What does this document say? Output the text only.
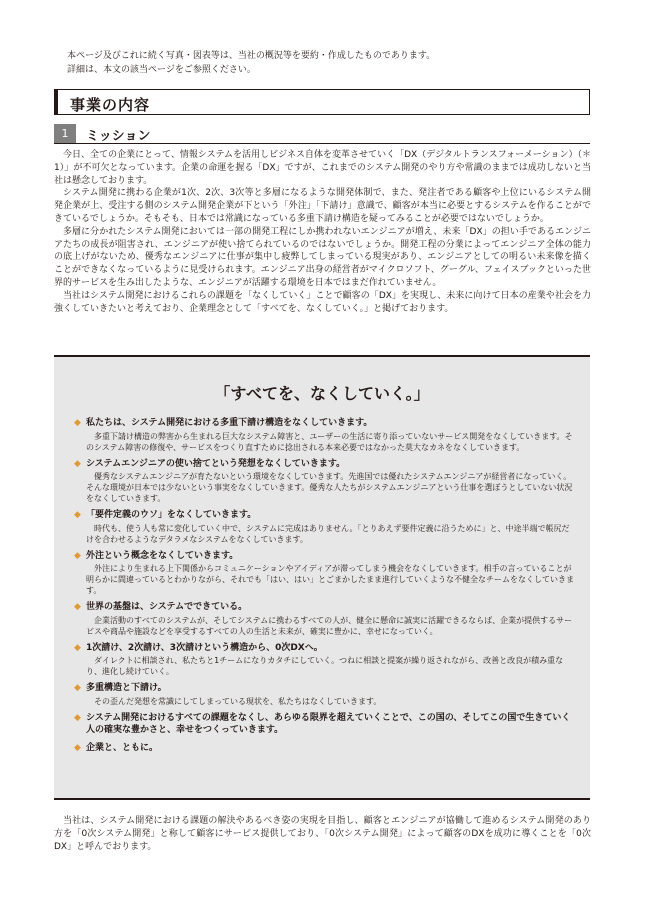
本ページ及びこれに続く写真・図表等は、当社の概況等を要約・作成したものであります。

詳細は、本文の該当ページをご参照ください。

事業の内容
1	ミッション

今日、全ての企業にとって、情報システムを活用しビジネス自体を変革させていく「DX（デジタルトランスフォーメーション）（＊1）」が不可欠となっています。企業の命運を握る「DX」ですが、これまでのシステム開発のやり方や常識のままでは成功しないと当社は懸念しております。

システム開発に携わる企業が1次、2次、3次等と多層になるような開発体制で、また、発注者である顧客や上位にいるシステム開発企業が上、受注する側のシステム開発企業が下という「外注」「下請け」意識で、顧客が本当に必要とするシステムを作ることができているでしょうか。そもそも、日本では常識になっている多重下請け構造を疑ってみることが必要ではないでしょうか。

多層に分かれたシステム開発においては一部の開発工程にしか携われないエンジニアが増え、未来「DX」の担い手であるエンジニアたちの成長が阻害され、エンジニアが使い捨てられているのではないでしょうか。開発工程の分業によってエンジニア全体の能力の底上げがないため、優秀なエンジニアに仕事が集中し疲弊してしまっている現実があり、エンジニアとしての明るい未来像を描くことができなくなっているように見受けられます。エンジニア出身の経営者がマイクロソフト、グーグル、フェイスブックといった世界的サービスを生み出したような、エンジニアが活躍する環境を日本ではまだ作れていません。

当社はシステム開発におけるこれらの課題を「なくしていく」ことで顧客の「DX」を実現し、未来に向けて日本の産業や社会を力強くしていきたいと考えており、企業理念として「すべてを、なくしていく。」と掲げております。

「すべてを、なくしていく。」
◆ 私たちは、システム開発における多重下請け構造をなくしていきます。
多重下請け構造の弊害から生まれる巨大なシステム障害と、ユーザーの生活に寄り添っていないサービス開発をなくしていきます。そのシステム障害の修復や、サービスをつくり直すために捻出される本来必要ではなかった莫大なカネをなくしていきます。
◆ システムエンジニアの使い捨てという発想をなくしていきます。
優秀なシステムエンジニアが育たないという環境をなくしていきます。先進国では優れたシステムエンジニアが経営者になっていく。そんな環境が日本では少ないという事実をなくしていきます。優秀な人たちがシステムエンジニアという仕事を選ぼうとしていない状況をなくしていきます。
◆ 「要件定義のウソ」をなくしていきます。
時代も、使う人も常に変化していく中で、システムに完成はありません。「とりあえず要件定義に沿うために」と、中途半端で帳尻だけを合わせるようなデタラメなシステムをなくしていきます。
◆ 外注という概念をなくしていきます。
外注により生まれる上下関係からコミュニケーションやアイディアが滞ってしまう機会をなくしていきます。相手の言っていることが明らかに間違っているとわかりながら、それでも「はい、はい」とごまかしたまま進行していくような不健全なチームをなくしていきます。
◆ 世界の基盤は、システムでできている。
企業活動のすべてのシステムが、そしてシステムに携わるすべての人が、健全に懸命に誠実に活躍できるならば、企業が提供するサービスや商品や施設などを享受するすべての人の生活と未来が、確実に豊かに、幸せになっていく。
◆ 1次請け、2次請け、3次請けという構造から、0次DXへ。
ダイレクトに相談され、私たちと1チームになりカタチにしていく。つねに相談と提案が繰り返されながら、改善と改良が積み重なり、進化し続けていく。
◆ 多重構造と下請け。
その歪んだ発想を常識にしてしまっている現状を、私たちはなくしていきます。
◆ システム開発におけるすべての課題をなくし、あらゆる限界を超えていくことで、この国の、そしてこの国で生きていく人の確実な豊かさと、幸せをつくっていきます。
◆ 企業と、ともに。

当社は、システム開発における課題の解決やあるべき姿の実現を目指し、顧客とエンジニアが協働して進めるシステム開発のあり方を「0次システム開発」と称して顧客にサービス提供しており、「0次システム開発」によって顧客のDXを成功に導くことを「0次DX」と呼んでおります。
